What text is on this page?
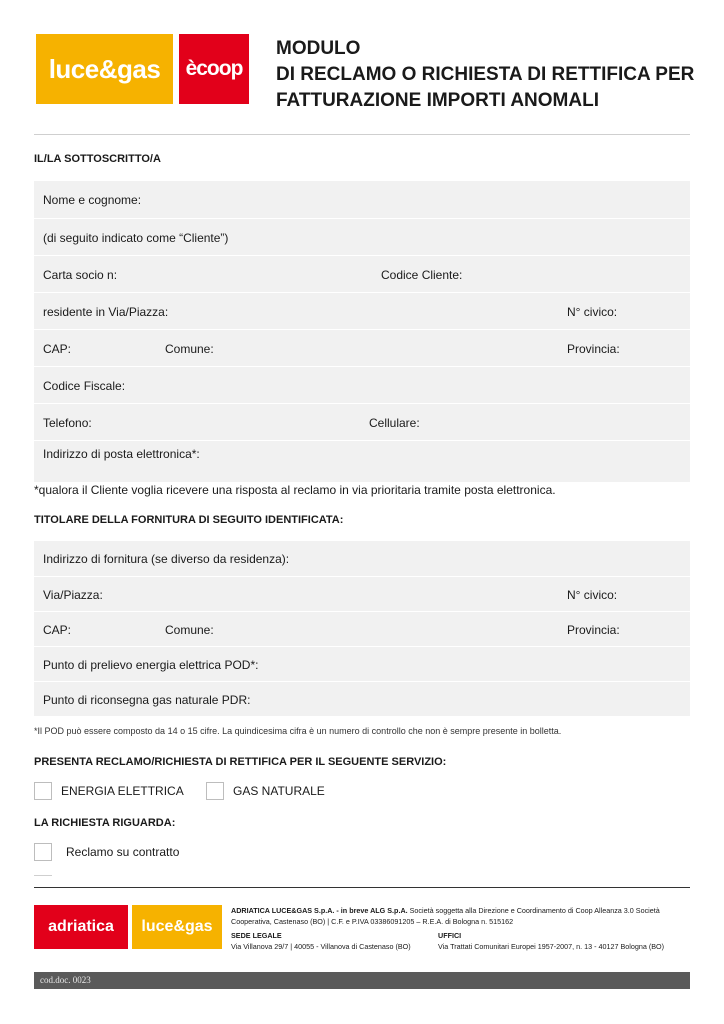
luce&gas	ècoop
MODULO
DI RECLAMO O RICHIESTA DI RETTIFICA PER
FATTURAZIONE IMPORTI ANOMALI
IL/LA SOTTOSCRITTO/A
Nome e cognome:
(di seguito indicato come “Cliente”)
Carta socio n:	Codice Cliente:
residente in Via/Piazza:	N° civico:
CAP:	Comune:	Provincia:
Codice Fiscale:
Telefono:	Cellulare:
Indirizzo di posta elettronica*:
*qualora il Cliente voglia ricevere una risposta al reclamo in via prioritaria tramite posta elettronica.
TITOLARE DELLA FORNITURA DI SEGUITO IDENTIFICATA:
Indirizzo di fornitura (se diverso da residenza):
Via/Piazza:	N° civico:
CAP:	Comune:	Provincia:
Punto di prelievo energia elettrica POD*:
Punto di riconsegna gas naturale PDR:
*Il POD può essere composto da 14 o 15 cifre. La quindicesima cifra è un numero di controllo che non è sempre presente in bolletta.
PRESENTA RECLAMO/RICHIESTA DI RETTIFICA PER IL SEGUENTE SERVIZIO:
ENERGIA ELETTRICA	GAS NATURALE
LA RICHIESTA RIGUARDA:
Reclamo su contratto
adriatica	luce&gas
ADRIATICA LUCE&GAS S.p.A. - in breve ALG S.p.A. Società soggetta alla Direzione e Coordinamento di Coop Alleanza 3.0 Società Cooperativa, Castenaso (BO) | C.F. e P.IVA 03386091205 – R.E.A. di Bologna n. 515162
SEDE LEGALE
Via Villanova 29/7 | 40055 - Villanova di Castenaso (BO)
UFFICI
Via Trattati Comunitari Europei 1957-2007, n. 13 - 40127 Bologna (BO)
cod.doc. 0023
